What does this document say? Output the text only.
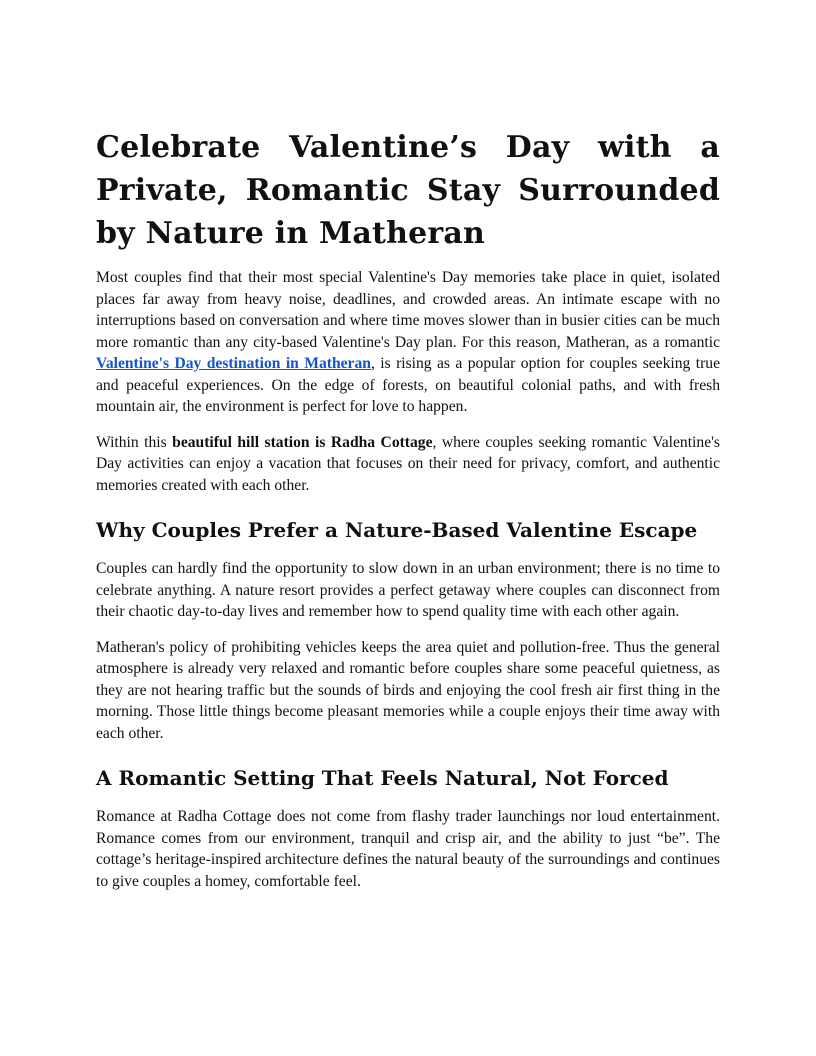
Celebrate Valentine’s Day with a Private, Romantic Stay Surrounded by Nature in Matheran

Most couples find that their most special Valentine's Day memories take place in quiet, isolated places far away from heavy noise, deadlines, and crowded areas. An intimate escape with no interruptions based on conversation and where time moves slower than in busier cities can be much more romantic than any city-based Valentine's Day plan. For this reason, Matheran, as a romantic Valentine's Day destination in Matheran, is rising as a popular option for couples seeking true and peaceful experiences. On the edge of forests, on beautiful colonial paths, and with fresh mountain air, the environment is perfect for love to happen.

Within this beautiful hill station is Radha Cottage, where couples seeking romantic Valentine's Day activities can enjoy a vacation that focuses on their need for privacy, comfort, and authentic memories created with each other.

Why Couples Prefer a Nature-Based Valentine Escape

Couples can hardly find the opportunity to slow down in an urban environment; there is no time to celebrate anything. A nature resort provides a perfect getaway where couples can disconnect from their chaotic day-to-day lives and remember how to spend quality time with each other again.

Matheran's policy of prohibiting vehicles keeps the area quiet and pollution-free. Thus the general atmosphere is already very relaxed and romantic before couples share some peaceful quietness, as they are not hearing traffic but the sounds of birds and enjoying the cool fresh air first thing in the morning. Those little things become pleasant memories while a couple enjoys their time away with each other.

A Romantic Setting That Feels Natural, Not Forced

Romance at Radha Cottage does not come from flashy trader launchings nor loud entertainment. Romance comes from our environment, tranquil and crisp air, and the ability to just “be”. The cottage’s heritage-inspired architecture defines the natural beauty of the surroundings and continues to give couples a homey, comfortable feel.
